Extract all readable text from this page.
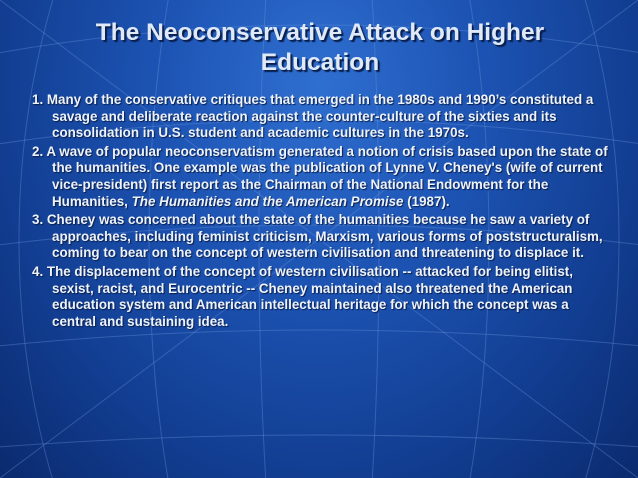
The Neoconservative Attack on Higher
Education
1. Many of the conservative critiques that emerged in the 1980s and 1990’s constituted a savage and deliberate reaction against the counter-culture of the sixties and its consolidation in U.S. student and academic cultures in the 1970s.
2. A wave of popular neoconservatism generated a notion of crisis based upon the state of the humanities. One example was the publication of Lynne V. Cheney's (wife of current vice-president) first report as the Chairman of the National Endowment for the Humanities, The Humanities and the American Promise (1987).
3. Cheney was concerned about the state of the humanities because he saw a variety of approaches, including feminist criticism, Marxism, various forms of poststructuralism, coming to bear on the concept of western civilisation and threatening to displace it.
4. The displacement of the concept of western civilisation -- attacked for being elitist, sexist, racist, and Eurocentric -- Cheney maintained also threatened the American education system and American intellectual heritage for which the concept was a central and sustaining idea.
